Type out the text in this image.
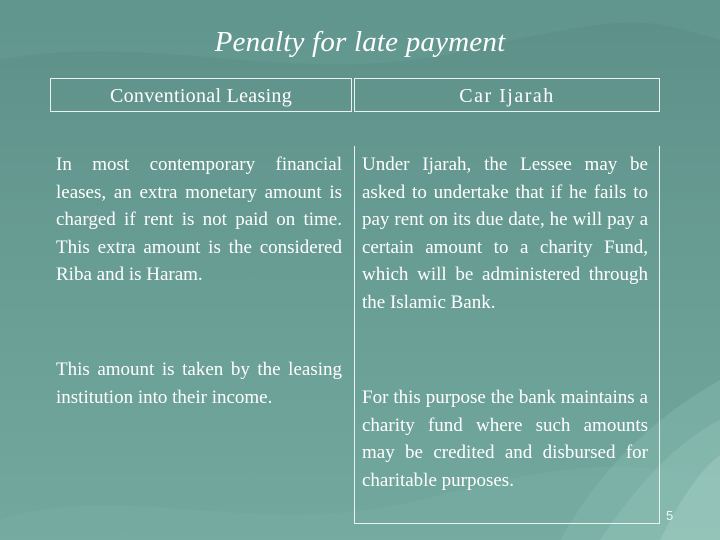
Penalty for late payment
Conventional Leasing	Car Ijarah

In most contemporary financial leases, an extra monetary amount is charged if rent is not paid on time. This extra amount is the considered Riba and is Haram.

This amount is taken by the leasing institution into their income.

Under Ijarah, the Lessee may be asked to undertake that if he fails to pay rent on its due date, he will pay a certain amount to a charity Fund, which will be administered through the Islamic Bank.

For this purpose the bank maintains a charity fund where such amounts may be credited and disbursed for charitable purposes.

5
